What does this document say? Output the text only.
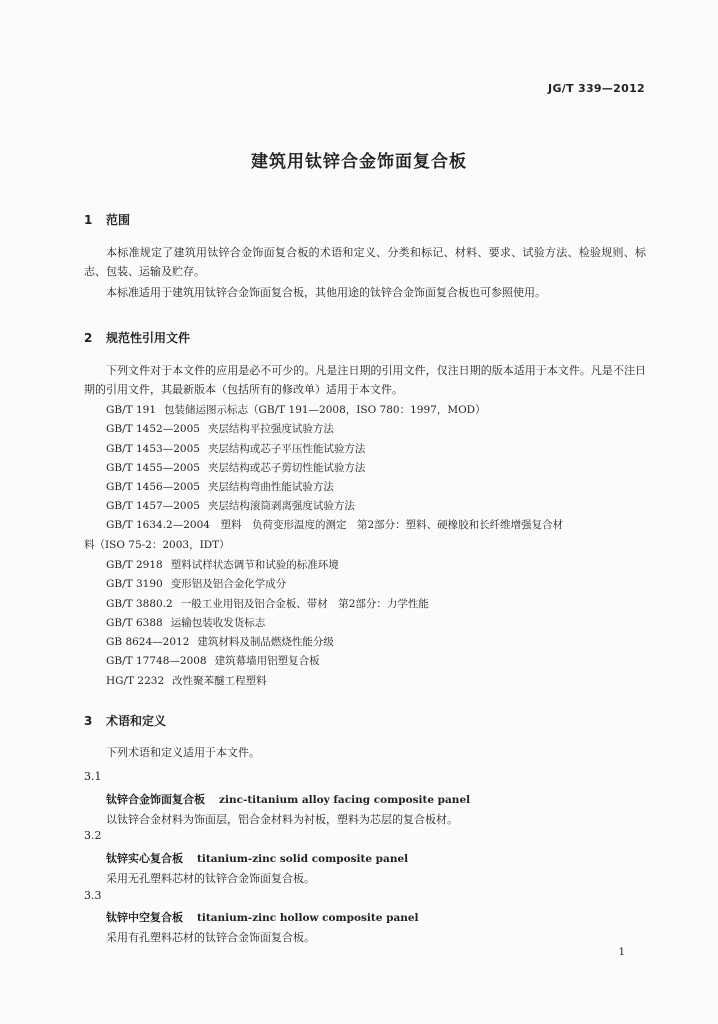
JG/T 339—2012
建筑用钛锌合金饰面复合板
1 范围
本标准规定了建筑用钛锌合金饰面复合板的术语和定义、分类和标记、材料、要求、试验方法、检验规则、标志、包装、运输及贮存。
本标准适用于建筑用钛锌合金饰面复合板，其他用途的钛锌合金饰面复合板也可参照使用。
2 规范性引用文件
下列文件对于本文件的应用是必不可少的。凡是注日期的引用文件，仅注日期的版本适用于本文件。凡是不注日期的引用文件，其最新版本（包括所有的修改单）适用于本文件。
GB/T 191 包装储运图示标志（GB/T 191—2008，ISO 780：1997，MOD）
GB/T 1452—2005 夹层结构平拉强度试验方法
GB/T 1453—2005 夹层结构或芯子平压性能试验方法
GB/T 1455—2005 夹层结构或芯子剪切性能试验方法
GB/T 1456—2005 夹层结构弯曲性能试验方法
GB/T 1457—2005 夹层结构滚筒剥离强度试验方法
GB/T 1634.2—2004　塑料　负荷变形温度的测定　第2部分：塑料、硬橡胶和长纤维增强复合材
料（ISO 75-2：2003，IDT）
GB/T 2918 塑料试样状态调节和试验的标准环境
GB/T 3190 变形铝及铝合金化学成分
GB/T 3880.2 一般工业用铝及铝合金板、带材　第2部分：力学性能
GB/T 6388 运输包装收发货标志
GB 8624—2012 建筑材料及制品燃烧性能分级
GB/T 17748—2008 建筑幕墙用铝塑复合板
HG/T 2232 改性聚苯醚工程塑料
3 术语和定义
下列术语和定义适用于本文件。
3.1
钛锌合金饰面复合板 zinc-titanium alloy facing composite panel
以钛锌合金材料为饰面层，铝合金材料为衬板，塑料为芯层的复合板材。
3.2
钛锌实心复合板 titanium-zinc solid composite panel
采用无孔塑料芯材的钛锌合金饰面复合板。
3.3
钛锌中空复合板 titanium-zinc hollow composite panel
采用有孔塑料芯材的钛锌合金饰面复合板。
1
